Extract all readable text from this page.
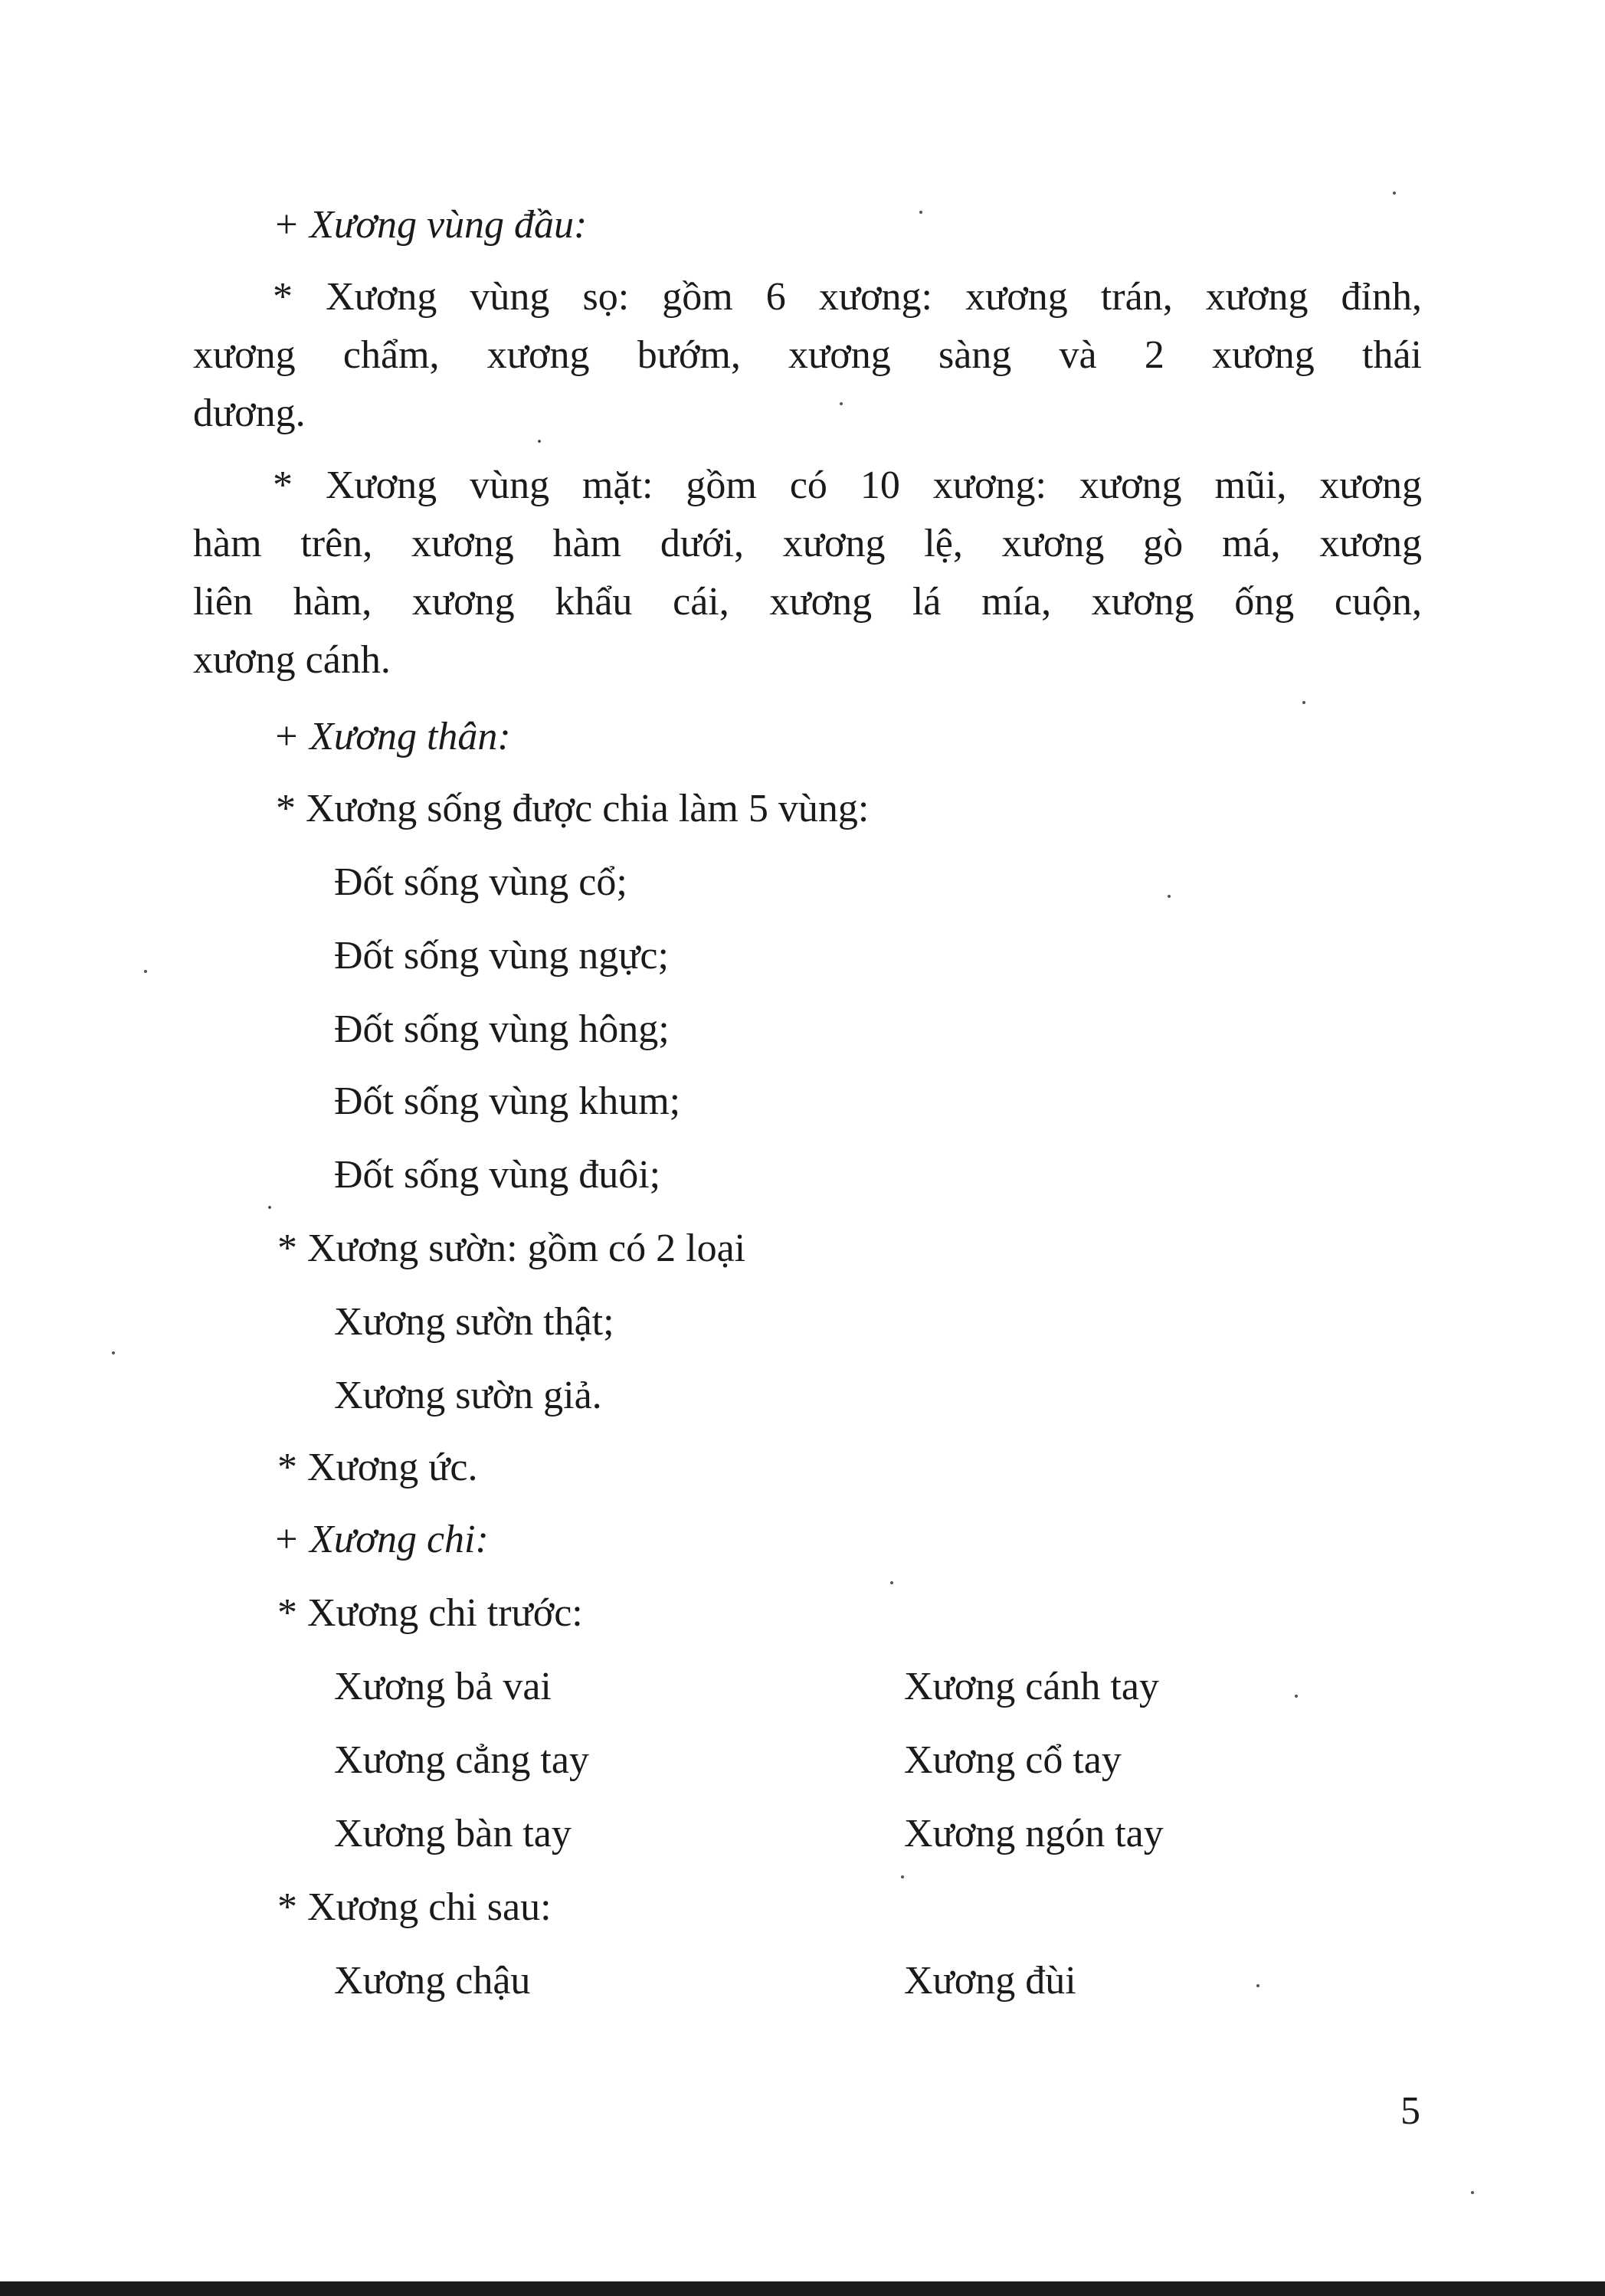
+ Xương vùng đầu:
* Xương vùng sọ: gồm 6 xương: xương trán, xương đỉnh,
xương chẩm, xương bướm, xương sàng và 2 xương thái
dương.
* Xương vùng mặt: gồm có 10 xương: xương mũi, xương
hàm trên, xương hàm dưới, xương lệ, xương gò má, xương
liên hàm, xương khẩu cái, xương lá mía, xương ống cuộn,
xương cánh.
+ Xương thân:
* Xương sống được chia làm 5 vùng:
Đốt sống vùng cổ;
Đốt sống vùng ngực;
Đốt sống vùng hông;
Đốt sống vùng khum;
Đốt sống vùng đuôi;
* Xương sườn: gồm có 2 loại
Xương sườn thật;
Xương sườn giả.
* Xương ức.
+ Xương chi:
* Xương chi trước:
Xương bả vai	Xương cánh tay
Xương cẳng tay	Xương cổ tay
Xương bàn tay	Xương ngón tay
* Xương chi sau:
Xương chậu	Xương đùi
5
